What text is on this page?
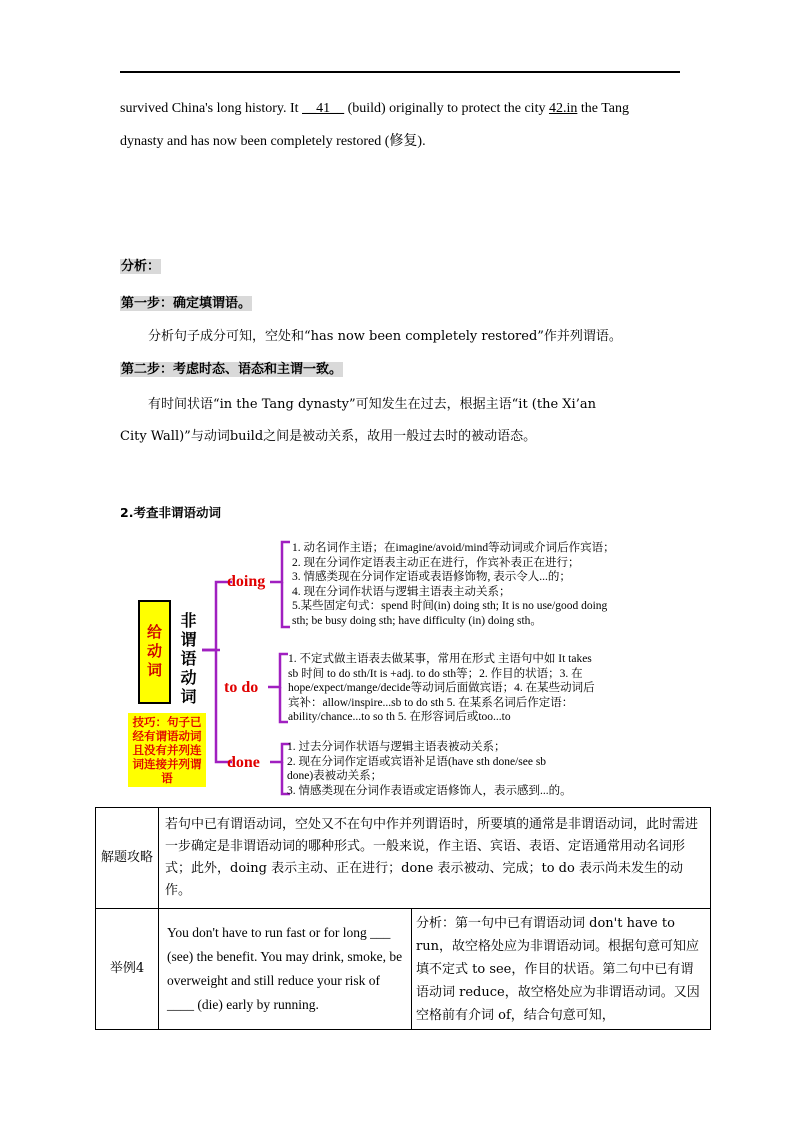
survived China's long history. It __41__ (build) originally to protect the city 42.in the Tang
dynasty and has now been completely restored (修复).
分析：
第一步：确定填谓语。
分析句子成分可知，空处和“has now been completely restored”作并列谓语。
第二步：考虑时态、语态和主谓一致。
有时间状语“in the Tang dynasty”可知发生在过去，根据主语“it (the Xi’an
City Wall)”与动词build之间是被动关系，故用一般过去时的被动语态。
2.考查非谓语动词
给动词 非谓语动词
技巧：句子已经有谓语动词且没有并列连词连接并列谓语
doing
to do
done
1. 动名词作主语；在imagine/avoid/mind等动词或介词后作宾语；
2. 现在分词作定语表主动正在进行，作宾补表正在进行；
3. 情感类现在分词作定语或表语修饰物, 表示令人...的；
4. 现在分词作状语与逻辑主语表主动关系；
5.某些固定句式：spend 时间(in) doing sth; It is no use/good doing
sth; be busy doing sth; have difficulty (in) doing sth。
1. 不定式做主语表去做某事，常用在形式 主语句中如 It takes
sb 时间 to do sth/It is +adj. to do sth等；2. 作目的状语；3. 在
hope/expect/mange/decide等动词后面做宾语；4. 在某些动词后
宾补：allow/inspire...sb to do sth 5. 在某系名词后作定语：
ability/chance...to so th 5. 在形容词后或too...to
1. 过去分词作状语与逻辑主语表被动关系；
2. 现在分词作定语或宾语补足语(have sth done/see sb
done)表被动关系；
3. 情感类现在分词作表语或定语修饰人，表示感到...的。
解题攻略	若句中已有谓语动词，空处又不在句中作并列谓语时，所要填的通常是非谓语动词，此时需进一步确定是非谓语动词的哪种形式。一般来说，作主语、宾语、表语、定语通常用动名词形式；此外，doing 表示主动、正在进行；done 表示被动、完成；to do 表示尚未发生的动作。	
举例4	You don't have to run fast or for long ___ (see) the benefit. You may drink, smoke, be overweight and still reduce your risk of ____ (die) early by running.	分析：第一句中已有谓语动词 don't have to run，故空格处应为非谓语动词。根据句意可知应填不定式 to see，作目的状语。第二句中已有谓语动词 reduce，故空格处应为非谓语动词。又因空格前有介词 of，结合句意可知，
